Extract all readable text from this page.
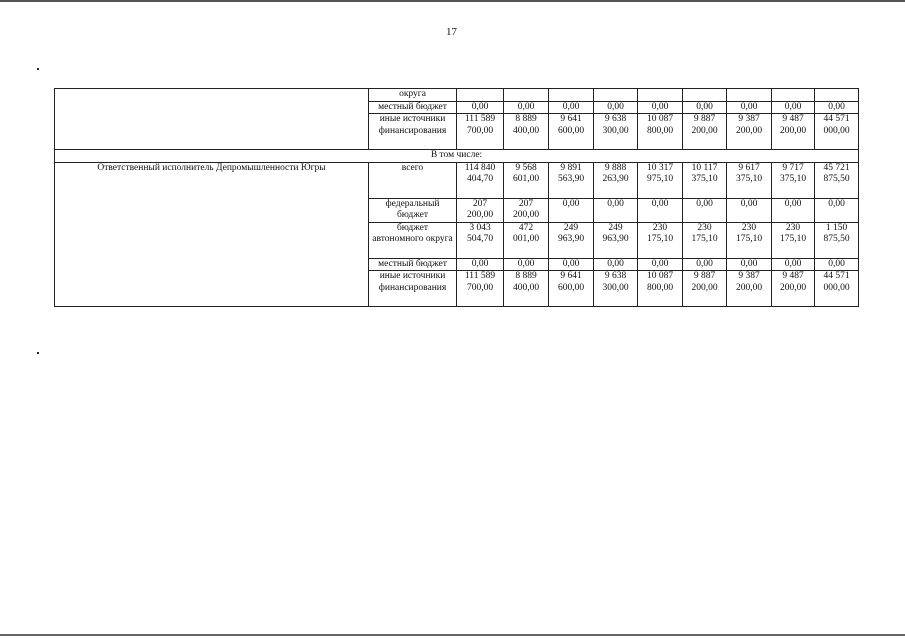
17
	округа									
	местный бюджет	0,00	0,00	0,00	0,00	0,00	0,00	0,00	0,00	0,00
	иные источники финансирования	111 589 700,00	8 889 400,00	9 641 600,00	9 638 300,00	10 087 800,00	9 887 200,00	9 387 200,00	9 487 200,00	44 571 000,00
В том числе:										
Ответственный исполнитель Депромышленности Югры	всего	114 840 404,70	9 568 601,00	9 891 563,90	9 888 263,90	10 317 975,10	10 117 375,10	9 617 375,10	9 717 375,10	45 721 875,50
	федеральный бюджет	207 200,00	207 200,00	0,00	0,00	0,00	0,00	0,00	0,00	0,00
	бюджет автономного округа	3 043 504,70	472 001,00	249 963,90	249 963,90	230 175,10	230 175,10	230 175,10	230 175,10	1 150 875,50
	местный бюджет	0,00	0,00	0,00	0,00	0,00	0,00	0,00	0,00	0,00
	иные источники финансирования	111 589 700,00	8 889 400,00	9 641 600,00	9 638 300,00	10 087 800,00	9 887 200,00	9 387 200,00	9 487 200,00	44 571 000,00
